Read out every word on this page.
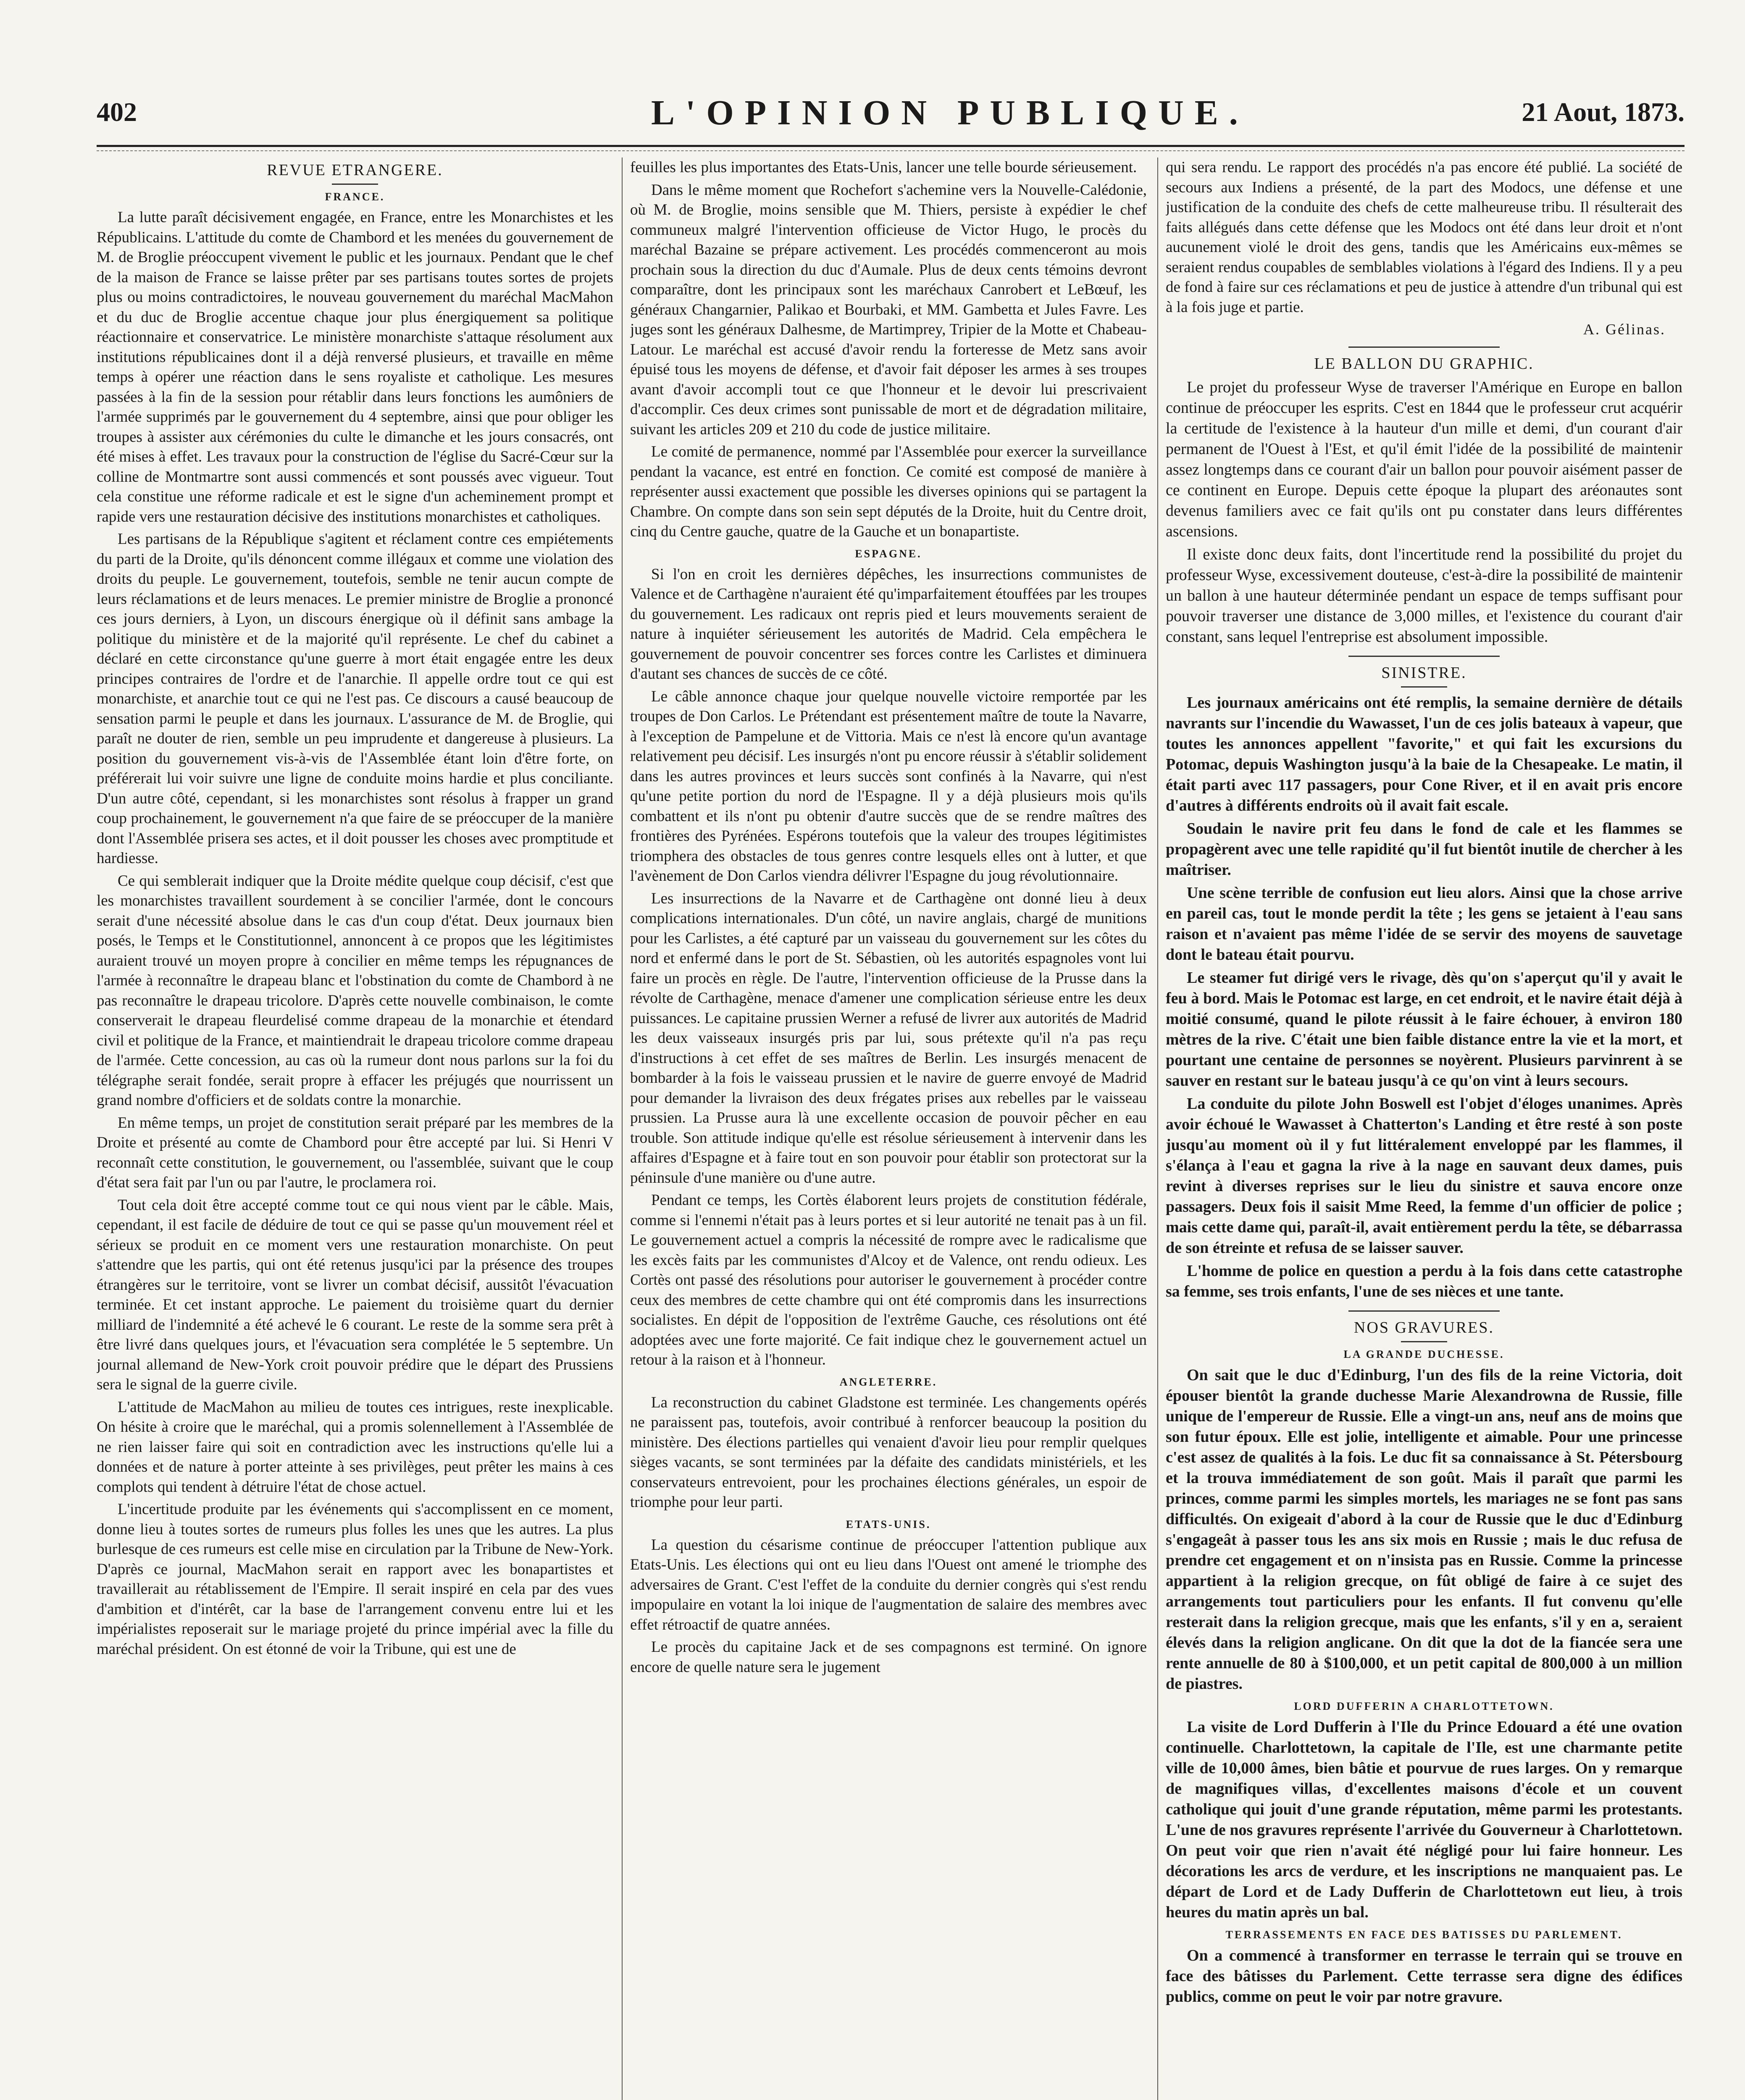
402	L'OPINION PUBLIQUE.	21 Aout, 1873.
REVUE ETRANGERE.
FRANCE.

La lutte paraît décisivement engagée, en France, entre les Monarchistes et les Républicains. L'attitude du comte de Chambord et les menées du gouvernement de M. de Broglie préoccupent vivement le public et les journaux. Pendant que le chef de la maison de France se laisse prêter par ses partisans toutes sortes de projets plus ou moins contradictoires, le nouveau gouvernement du maréchal MacMahon et du duc de Broglie accentue chaque jour plus énergiquement sa politique réactionnaire et conservatrice. Le ministère monarchiste s'attaque résolument aux institutions républicaines dont il a déjà renversé plusieurs, et travaille en même temps à opérer une réaction dans le sens royaliste et catholique. Les mesures passées à la fin de la session pour rétablir dans leurs fonctions les aumôniers de l'armée supprimés par le gouvernement du 4 septembre, ainsi que pour obliger les troupes à assister aux cérémonies du culte le dimanche et les jours consacrés, ont été mises à effet. Les travaux pour la construction de l'église du Sacré-Cœur sur la colline de Montmartre sont aussi commencés et sont poussés avec vigueur. Tout cela constitue une réforme radicale et est le signe d'un acheminement prompt et rapide vers une restauration décisive des institutions monarchistes et catholiques.

Les partisans de la République s'agitent et réclament contre ces empiétements du parti de la Droite, qu'ils dénoncent comme illégaux et comme une violation des droits du peuple. Le gouvernement, toutefois, semble ne tenir aucun compte de leurs réclamations et de leurs menaces. Le premier ministre de Broglie a prononcé ces jours derniers, à Lyon, un discours énergique où il définit sans ambage la politique du ministère et de la majorité qu'il représente. Le chef du cabinet a déclaré en cette circonstance qu'une guerre à mort était engagée entre les deux principes contraires de l'ordre et de l'anarchie. Il appelle ordre tout ce qui est monarchiste, et anarchie tout ce qui ne l'est pas. Ce discours a causé beaucoup de sensation parmi le peuple et dans les journaux. L'assurance de M. de Broglie, qui paraît ne douter de rien, semble un peu imprudente et dangereuse à plusieurs. La position du gouvernement vis-à-vis de l'Assemblée étant loin d'être forte, on préférerait lui voir suivre une ligne de conduite moins hardie et plus conciliante. D'un autre côté, cependant, si les monarchistes sont résolus à frapper un grand coup prochainement, le gouvernement n'a que faire de se préoccuper de la manière dont l'Assemblée prisera ses actes, et il doit pousser les choses avec promptitude et hardiesse.

Ce qui semblerait indiquer que la Droite médite quelque coup décisif, c'est que les monarchistes travaillent sourdement à se concilier l'armée, dont le concours serait d'une nécessité absolue dans le cas d'un coup d'état. Deux journaux bien posés, le Temps et le Constitutionnel, annoncent à ce propos que les légitimistes auraient trouvé un moyen propre à concilier en même temps les répugnances de l'armée à reconnaître le drapeau blanc et l'obstination du comte de Chambord à ne pas reconnaître le drapeau tricolore. D'après cette nouvelle combinaison, le comte conserverait le drapeau fleurdelisé comme drapeau de la monarchie et étendard civil et politique de la France, et maintiendrait le drapeau tricolore comme drapeau de l'armée. Cette concession, au cas où la rumeur dont nous parlons sur la foi du télégraphe serait fondée, serait propre à effacer les préjugés que nourrissent un grand nombre d'officiers et de soldats contre la monarchie.

En même temps, un projet de constitution serait préparé par les membres de la Droite et présenté au comte de Chambord pour être accepté par lui. Si Henri V reconnaît cette constitution, le gouvernement, ou l'assemblée, suivant que le coup d'état sera fait par l'un ou par l'autre, le proclamera roi.

Tout cela doit être accepté comme tout ce qui nous vient par le câble. Mais, cependant, il est facile de déduire de tout ce qui se passe qu'un mouvement réel et sérieux se produit en ce moment vers une restauration monarchiste. On peut s'attendre que les partis, qui ont été retenus jusqu'ici par la présence des troupes étrangères sur le territoire, vont se livrer un combat décisif, aussitôt l'évacuation terminée. Et cet instant approche. Le paiement du troisième quart du dernier milliard de l'indemnité a été achevé le 6 courant. Le reste de la somme sera prêt à être livré dans quelques jours, et l'évacuation sera complétée le 5 septembre. Un journal allemand de New-York croit pouvoir prédire que le départ des Prussiens sera le signal de la guerre civile.

L'attitude de MacMahon au milieu de toutes ces intrigues, reste inexplicable. On hésite à croire que le maréchal, qui a promis solennellement à l'Assemblée de ne rien laisser faire qui soit en contradiction avec les instructions qu'elle lui a données et de nature à porter atteinte à ses privilèges, peut prêter les mains à ces complots qui tendent à détruire l'état de chose actuel.

L'incertitude produite par les événements qui s'accomplissent en ce moment, donne lieu à toutes sortes de rumeurs plus folles les unes que les autres. La plus burlesque de ces rumeurs est celle mise en circulation par la Tribune de New-York. D'après ce journal, MacMahon serait en rapport avec les bonapartistes et travaillerait au rétablissement de l'Empire. Il serait inspiré en cela par des vues d'ambition et d'intérêt, car la base de l'arrangement convenu entre lui et les impérialistes reposerait sur le mariage projeté du prince impérial avec la fille du maréchal président. On est étonné de voir la Tribune, qui est une de

feuilles les plus importantes des Etats-Unis, lancer une telle bourde sérieusement.

Dans le même moment que Rochefort s'achemine vers la Nouvelle-Calédonie, où M. de Broglie, moins sensible que M. Thiers, persiste à expédier le chef communeux malgré l'intervention officieuse de Victor Hugo, le procès du maréchal Bazaine se prépare activement. Les procédés commenceront au mois prochain sous la direction du duc d'Aumale. Plus de deux cents témoins devront comparaître, dont les principaux sont les maréchaux Canrobert et LeBœuf, les généraux Changarnier, Palikao et Bourbaki, et MM. Gambetta et Jules Favre. Les juges sont les généraux Dalhesme, de Martimprey, Tripier de la Motte et Chabeau-Latour. Le maréchal est accusé d'avoir rendu la forteresse de Metz sans avoir épuisé tous les moyens de défense, et d'avoir fait déposer les armes à ses troupes avant d'avoir accompli tout ce que l'honneur et le devoir lui prescrivaient d'accomplir. Ces deux crimes sont punissable de mort et de dégradation militaire, suivant les articles 209 et 210 du code de justice militaire.

Le comité de permanence, nommé par l'Assemblée pour exercer la surveillance pendant la vacance, est entré en fonction. Ce comité est composé de manière à représenter aussi exactement que possible les diverses opinions qui se partagent la Chambre. On compte dans son sein sept députés de la Droite, huit du Centre droit, cinq du Centre gauche, quatre de la Gauche et un bonapartiste.

ESPAGNE.

Si l'on en croit les dernières dépêches, les insurrections communistes de Valence et de Carthagène n'auraient été qu'imparfaitement étouffées par les troupes du gouvernement. Les radicaux ont repris pied et leurs mouvements seraient de nature à inquiéter sérieusement les autorités de Madrid. Cela empêchera le gouvernement de pouvoir concentrer ses forces contre les Carlistes et diminuera d'autant ses chances de succès de ce côté.

Le câble annonce chaque jour quelque nouvelle victoire remportée par les troupes de Don Carlos. Le Prétendant est présentement maître de toute la Navarre, à l'exception de Pampelune et de Vittoria. Mais ce n'est là encore qu'un avantage relativement peu décisif. Les insurgés n'ont pu encore réussir à s'établir solidement dans les autres provinces et leurs succès sont confinés à la Navarre, qui n'est qu'une petite portion du nord de l'Espagne. Il y a déjà plusieurs mois qu'ils combattent et ils n'ont pu obtenir d'autre succès que de se rendre maîtres des frontières des Pyrénées. Espérons toutefois que la valeur des troupes légitimistes triomphera des obstacles de tous genres contre lesquels elles ont à lutter, et que l'avènement de Don Carlos viendra délivrer l'Espagne du joug révolutionnaire.

Les insurrections de la Navarre et de Carthagène ont donné lieu à deux complications internationales. D'un côté, un navire anglais, chargé de munitions pour les Carlistes, a été capturé par un vaisseau du gouvernement sur les côtes du nord et enfermé dans le port de St. Sébastien, où les autorités espagnoles vont lui faire un procès en règle. De l'autre, l'intervention officieuse de la Prusse dans la révolte de Carthagène, menace d'amener une complication sérieuse entre les deux puissances. Le capitaine prussien Werner a refusé de livrer aux autorités de Madrid les deux vaisseaux insurgés pris par lui, sous prétexte qu'il n'a pas reçu d'instructions à cet effet de ses maîtres de Berlin. Les insurgés menacent de bombarder à la fois le vaisseau prussien et le navire de guerre envoyé de Madrid pour demander la livraison des deux frégates prises aux rebelles par le vaisseau prussien. La Prusse aura là une excellente occasion de pouvoir pêcher en eau trouble. Son attitude indique qu'elle est résolue sérieusement à intervenir dans les affaires d'Espagne et à faire tout en son pouvoir pour établir son protectorat sur la péninsule d'une manière ou d'une autre.

Pendant ce temps, les Cortès élaborent leurs projets de constitution fédérale, comme si l'ennemi n'était pas à leurs portes et si leur autorité ne tenait pas à un fil. Le gouvernement actuel a compris la nécessité de rompre avec le radicalisme que les excès faits par les communistes d'Alcoy et de Valence, ont rendu odieux. Les Cortès ont passé des résolutions pour autoriser le gouvernement à procéder contre ceux des membres de cette chambre qui ont été compromis dans les insurrections socialistes. En dépit de l'opposition de l'extrême Gauche, ces résolutions ont été adoptées avec une forte majorité. Ce fait indique chez le gouvernement actuel un retour à la raison et à l'honneur.

ANGLETERRE.

La reconstruction du cabinet Gladstone est terminée. Les changements opérés ne paraissent pas, toutefois, avoir contribué à renforcer beaucoup la position du ministère. Des élections partielles qui venaient d'avoir lieu pour remplir quelques sièges vacants, se sont terminées par la défaite des candidats ministériels, et les conservateurs entrevoient, pour les prochaines élections générales, un espoir de triomphe pour leur parti.

ETATS-UNIS.

La question du césarisme continue de préoccuper l'attention publique aux Etats-Unis. Les élections qui ont eu lieu dans l'Ouest ont amené le triomphe des adversaires de Grant. C'est l'effet de la conduite du dernier congrès qui s'est rendu impopulaire en votant la loi inique de l'augmentation de salaire des membres avec effet rétroactif de quatre années.

Le procès du capitaine Jack et de ses compagnons est terminé. On ignore encore de quelle nature sera le jugement

qui sera rendu. Le rapport des procédés n'a pas encore été publié. La société de secours aux Indiens a présenté, de la part des Modocs, une défense et une justification de la conduite des chefs de cette malheureuse tribu. Il résulterait des faits allégués dans cette défense que les Modocs ont été dans leur droit et n'ont aucunement violé le droit des gens, tandis que les Américains eux-mêmes se seraient rendus coupables de semblables violations à l'égard des Indiens. Il y a peu de fond à faire sur ces réclamations et peu de justice à attendre d'un tribunal qui est à la fois juge et partie.

A. Gélinas.
LE BALLON DU GRAPHIC.

Le projet du professeur Wyse de traverser l'Amérique en Europe en ballon continue de préoccuper les esprits. C'est en 1844 que le professeur crut acquérir la certitude de l'existence à la hauteur d'un mille et demi, d'un courant d'air permanent de l'Ouest à l'Est, et qu'il émit l'idée de la possibilité de maintenir assez longtemps dans ce courant d'air un ballon pour pouvoir aisément passer de ce continent en Europe. Depuis cette époque la plupart des aréonautes sont devenus familiers avec ce fait qu'ils ont pu constater dans leurs différentes ascensions.

Il existe donc deux faits, dont l'incertitude rend la possibilité du projet du professeur Wyse, excessivement douteuse, c'est-à-dire la possibilité de maintenir un ballon à une hauteur déterminée pendant un espace de temps suffisant pour pouvoir traverser une distance de 3,000 milles, et l'existence du courant d'air constant, sans lequel l'entreprise est absolument impossible.

SINISTRE.

Les journaux américains ont été remplis, la semaine dernière de détails navrants sur l'incendie du Wawasset, l'un de ces jolis bateaux à vapeur, que toutes les annonces appellent "favorite," et qui fait les excursions du Potomac, depuis Washington jusqu'à la baie de la Chesapeake. Le matin, il était parti avec 117 passagers, pour Cone River, et il en avait pris encore d'autres à différents endroits où il avait fait escale.

Soudain le navire prit feu dans le fond de cale et les flammes se propagèrent avec une telle rapidité qu'il fut bientôt inutile de chercher à les maîtriser.

Une scène terrible de confusion eut lieu alors. Ainsi que la chose arrive en pareil cas, tout le monde perdit la tête ; les gens se jetaient à l'eau sans raison et n'avaient pas même l'idée de se servir des moyens de sauvetage dont le bateau était pourvu.

Le steamer fut dirigé vers le rivage, dès qu'on s'aperçut qu'il y avait le feu à bord. Mais le Potomac est large, en cet endroit, et le navire était déjà à moitié consumé, quand le pilote réussit à le faire échouer, à environ 180 mètres de la rive. C'était une bien faible distance entre la vie et la mort, et pourtant une centaine de personnes se noyèrent. Plusieurs parvinrent à se sauver en restant sur le bateau jusqu'à ce qu'on vint à leurs secours.

La conduite du pilote John Boswell est l'objet d'éloges unanimes. Après avoir échoué le Wawasset à Chatterton's Landing et être resté à son poste jusqu'au moment où il y fut littéralement enveloppé par les flammes, il s'élança à l'eau et gagna la rive à la nage en sauvant deux dames, puis revint à diverses reprises sur le lieu du sinistre et sauva encore onze passagers. Deux fois il saisit Mme Reed, la femme d'un officier de police ; mais cette dame qui, paraît-il, avait entièrement perdu la tête, se débarrassa de son étreinte et refusa de se laisser sauver.

L'homme de police en question a perdu à la fois dans cette catastrophe sa femme, ses trois enfants, l'une de ses nièces et une tante.

NOS GRAVURES.
LA GRANDE DUCHESSE.

On sait que le duc d'Edinburg, l'un des fils de la reine Victoria, doit épouser bientôt la grande duchesse Marie Alexandrowna de Russie, fille unique de l'empereur de Russie. Elle a vingt-un ans, neuf ans de moins que son futur époux. Elle est jolie, intelligente et aimable. Pour une princesse c'est assez de qualités à la fois. Le duc fit sa connaissance à St. Pétersbourg et la trouva immédiatement de son goût. Mais il paraît que parmi les princes, comme parmi les simples mortels, les mariages ne se font pas sans difficultés. On exigeait d'abord à la cour de Russie que le duc d'Edinburg s'engageât à passer tous les ans six mois en Russie ; mais le duc refusa de prendre cet engagement et on n'insista pas en Russie. Comme la princesse appartient à la religion grecque, on fût obligé de faire à ce sujet des arrangements tout particuliers pour les enfants. Il fut convenu qu'elle resterait dans la religion grecque, mais que les enfants, s'il y en a, seraient élevés dans la religion anglicane. On dit que la dot de la fiancée sera une rente annuelle de 80 à $100,000, et un petit capital de 800,000 à un million de piastres.

LORD DUFFERIN A CHARLOTTETOWN.

La visite de Lord Dufferin à l'Ile du Prince Edouard a été une ovation continuelle. Charlottetown, la capitale de l'Ile, est une charmante petite ville de 10,000 âmes, bien bâtie et pourvue de rues larges. On y remarque de magnifiques villas, d'excellentes maisons d'école et un couvent catholique qui jouit d'une grande réputation, même parmi les protestants. L'une de nos gravures représente l'arrivée du Gouverneur à Charlottetown. On peut voir que rien n'avait été négligé pour lui faire honneur. Les décorations les arcs de verdure, et les inscriptions ne manquaient pas. Le départ de Lord et de Lady Dufferin de Charlottetown eut lieu, à trois heures du matin après un bal.

TERRASSEMENTS EN FACE DES BATISSES DU PARLEMENT.

On a commencé à transformer en terrasse le terrain qui se trouve en face des bâtisses du Parlement. Cette terrasse sera digne des édifices publics, comme on peut le voir par notre gravure.
